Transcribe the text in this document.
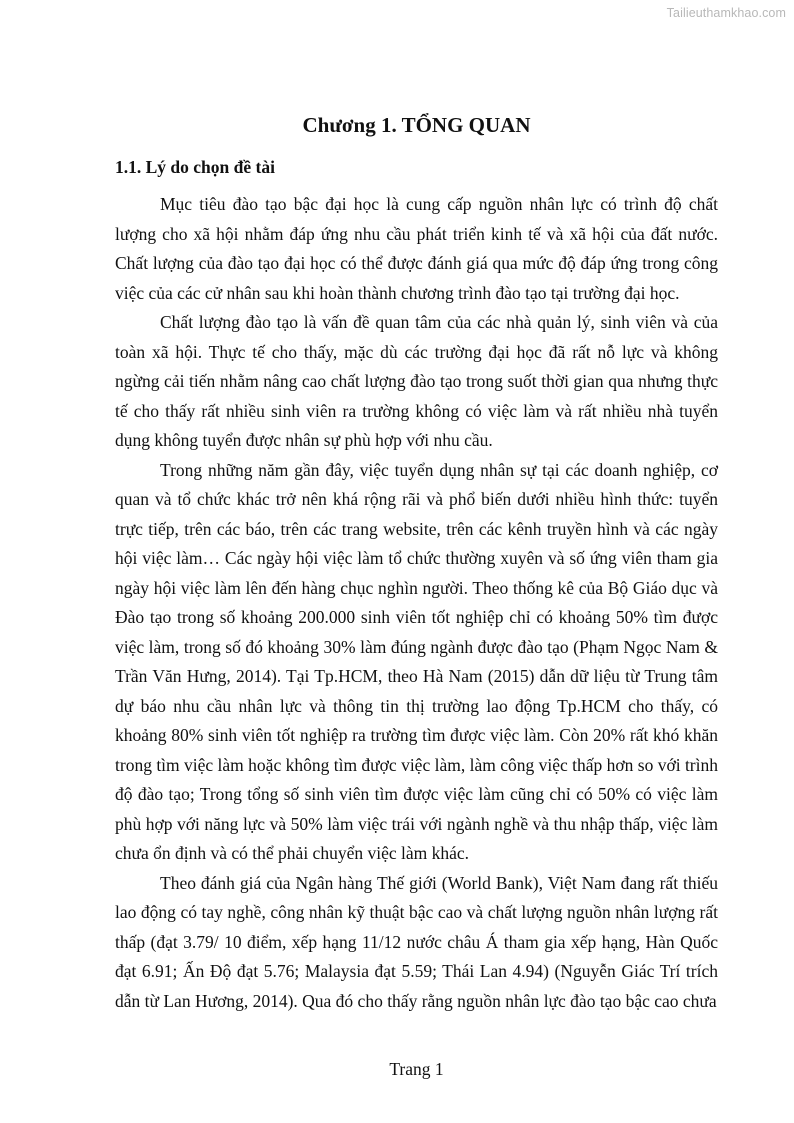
Tailieuthamkhao.com
Chương 1. TỔNG QUAN
1.1. Lý do chọn đề tài

Mục tiêu đào tạo bậc đại học là cung cấp nguồn nhân lực có trình độ chất lượng cho xã hội nhằm đáp ứng nhu cầu phát triển kinh tế và xã hội của đất nước. Chất lượng của đào tạo đại học có thể được đánh giá qua mức độ đáp ứng trong công việc của các cử nhân sau khi hoàn thành chương trình đào tạo tại trường đại học.

Chất lượng đào tạo là vấn đề quan tâm của các nhà quản lý, sinh viên và của toàn xã hội. Thực tế cho thấy, mặc dù các trường đại học đã rất nỗ lực và không ngừng cải tiến nhằm nâng cao chất lượng đào tạo trong suốt thời gian qua nhưng thực tế cho thấy rất nhiều sinh viên ra trường không có việc làm và rất nhiều nhà tuyển dụng không tuyển được nhân sự phù hợp với nhu cầu.

Trong những năm gần đây, việc tuyển dụng nhân sự tại các doanh nghiệp, cơ quan và tổ chức khác trở nên khá rộng rãi và phổ biến dưới nhiều hình thức: tuyển trực tiếp, trên các báo, trên các trang website, trên các kênh truyền hình và các ngày hội việc làm… Các ngày hội việc làm tổ chức thường xuyên và số ứng viên tham gia ngày hội việc làm lên đến hàng chục nghìn người. Theo thống kê của Bộ Giáo dục và Đào tạo trong số khoảng 200.000 sinh viên tốt nghiệp chỉ có khoảng 50% tìm được việc làm, trong số đó khoảng 30% làm đúng ngành được đào tạo (Phạm Ngọc Nam & Trần Văn Hưng, 2014). Tại Tp.HCM, theo Hà Nam (2015) dẫn dữ liệu từ Trung tâm dự báo nhu cầu nhân lực và thông tin thị trường lao động Tp.HCM cho thấy, có khoảng 80% sinh viên tốt nghiệp ra trường tìm được việc làm. Còn 20% rất khó khăn trong tìm việc làm hoặc không tìm được việc làm, làm công việc thấp hơn so với trình độ đào tạo; Trong tổng số sinh viên tìm được việc làm cũng chỉ có 50% có việc làm phù hợp với năng lực và 50% làm việc trái với ngành nghề và thu nhập thấp, việc làm chưa ổn định và có thể phải chuyển việc làm khác.

Theo đánh giá của Ngân hàng Thế giới (World Bank), Việt Nam đang rất thiếu lao động có tay nghề, công nhân kỹ thuật bậc cao và chất lượng nguồn nhân lượng rất thấp (đạt 3.79/ 10 điểm, xếp hạng 11/12 nước châu Á tham gia xếp hạng, Hàn Quốc đạt 6.91; Ấn Độ đạt 5.76; Malaysia đạt 5.59; Thái Lan 4.94) (Nguyễn Giác Trí trích dẫn từ Lan Hương, 2014). Qua đó cho thấy rằng nguồn nhân lực đào tạo bậc cao chưa

Trang 1
